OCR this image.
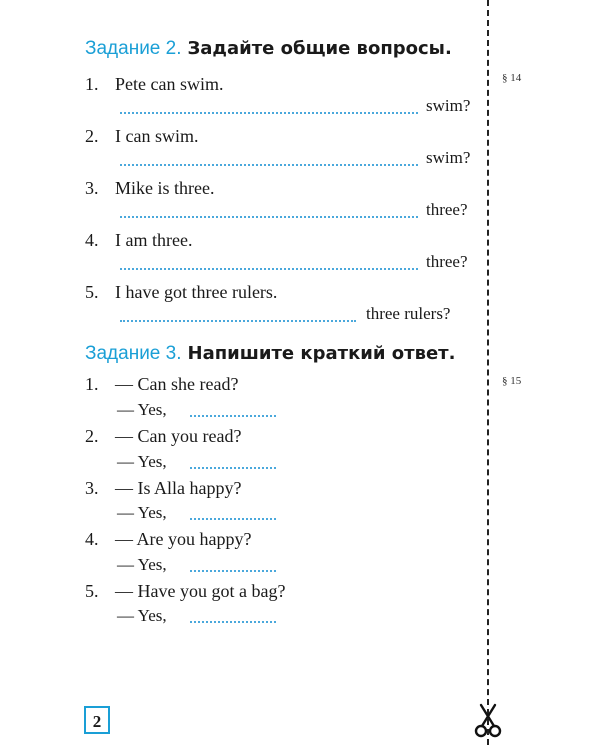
Задание 2. Задайте общие вопросы.
§ 14
1. Pete can swim.
swim?
2. I can swim.
swim?
3. Mike is three.
three?
4. I am three.
three?
5. I have got three rulers.
three rulers?
Задание 3. Напишите краткий ответ.
§ 15
1. — Can she read?
— Yes,
2. — Can you read?
— Yes,
3. — Is Alla happy?
— Yes,
4. — Are you happy?
— Yes,
5. — Have you got a bag?
— Yes,
2
